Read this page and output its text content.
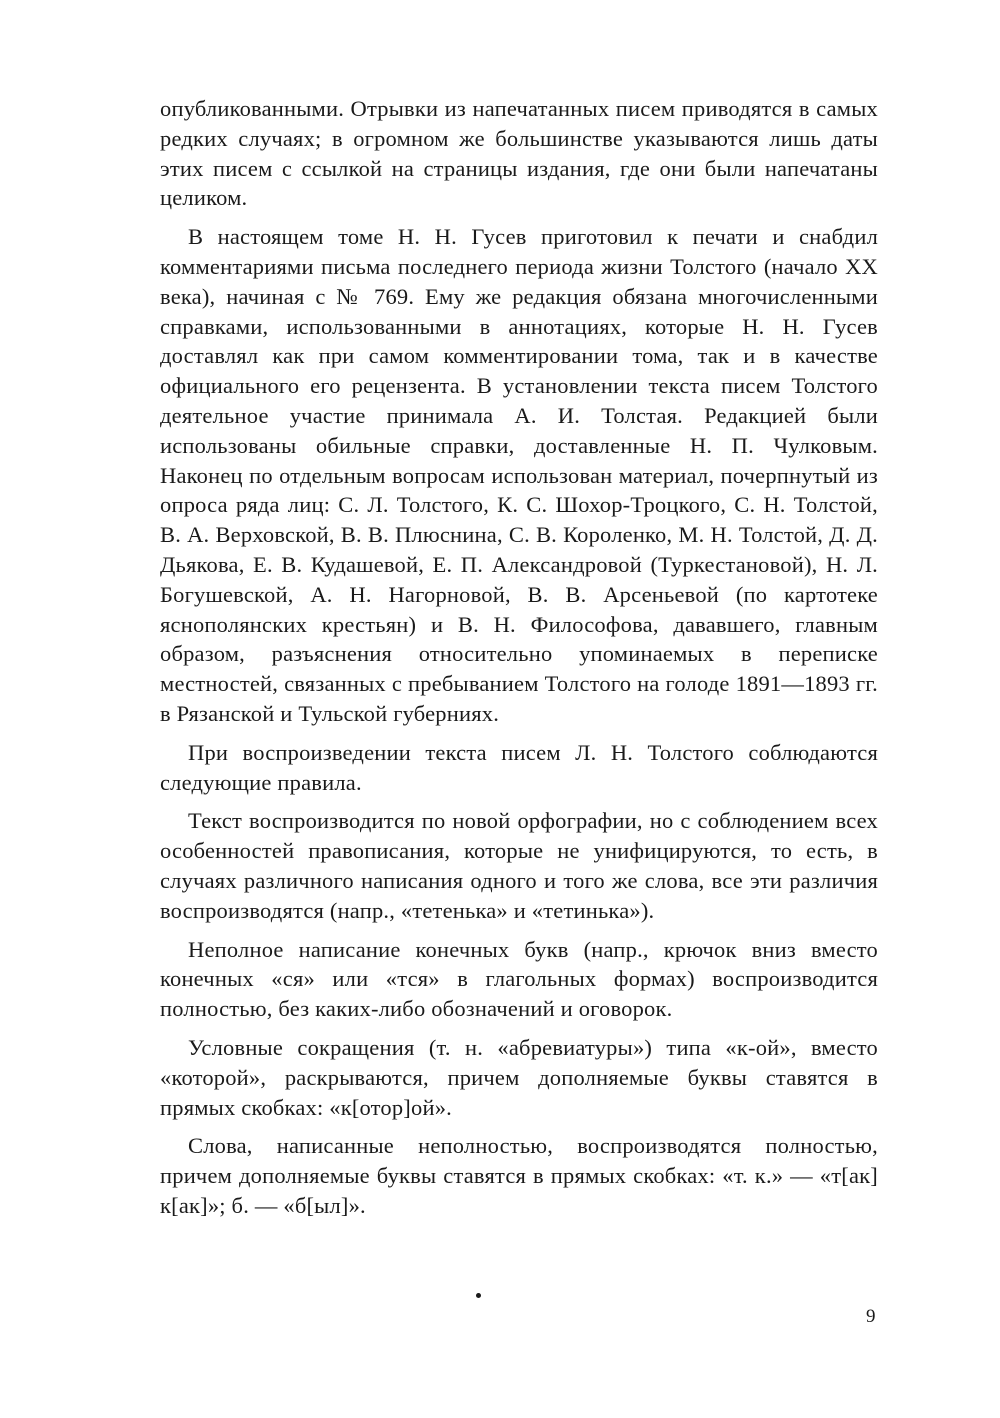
опубликованными. Отрывки из напечатанных писем приводятся в самых редких случаях; в огромном же большинстве указываются лишь даты этих писем с ссылкой на страницы издания, где они были напечатаны целиком.

В настоящем томе Н. Н. Гусев приготовил к печати и снабдил комментариями письма последнего периода жизни Толстого (начало XX века), начиная с № 769. Ему же редакция обязана многочисленными справками, использованными в аннотациях, которые Н. Н. Гусев доставлял как при самом комментировании тома, так и в качестве официального его рецензента. В установлении текста писем Толстого деятельное участие принимала А. И. Толстая. Редакцией были использованы обильные справки, доставленные Н. П. Чулковым. Наконец по отдельным вопросам использован материал, почерпнутый из опроса ряда лиц: С. Л. Толстого, К. С. Шохор-Троцкого, С. Н. Толстой, В. А. Верховской, В. В. Плюснина, С. В. Короленко, М. Н. Толстой, Д. Д. Дьякова, Е. В. Кудашевой, Е. П. Александровой (Туркестановой), Н. Л. Богушевской, А. Н. Нагорновой, В. В. Арсеньевой (по картотеке яснополянских крестьян) и В. Н. Философова, дававшего, главным образом, разъяснения относительно упоминаемых в переписке местностей, связанных с пребыванием Толстого на голоде 1891—1893 гг. в Рязанской и Тульской губерниях.

При воспроизведении текста писем Л. Н. Толстого соблюдаются следующие правила.

Текст воспроизводится по новой орфографии, но с соблюдением всех особенностей правописания, которые не унифицируются, то есть, в случаях различного написания одного и того же слова, все эти различия воспроизводятся (напр., «тетенька» и «тетинька»).

Неполное написание конечных букв (напр., крючок вниз вместо конечных «ся» или «тся» в глагольных формах) воспроизводится полностью, без каких-либо обозначений и оговорок.

Условные сокращения (т. н. «абревиатуры») типа «к-ой», вместо «которой», раскрываются, причем дополняемые буквы ставятся в прямых скобках: «к[отор]ой».

Слова, написанные неполностью, воспроизводятся полностью, причем дополняемые буквы ставятся в прямых скобках: «т. к.» — «т[ак] к[ак]»; б. — «б[ыл]».

9
